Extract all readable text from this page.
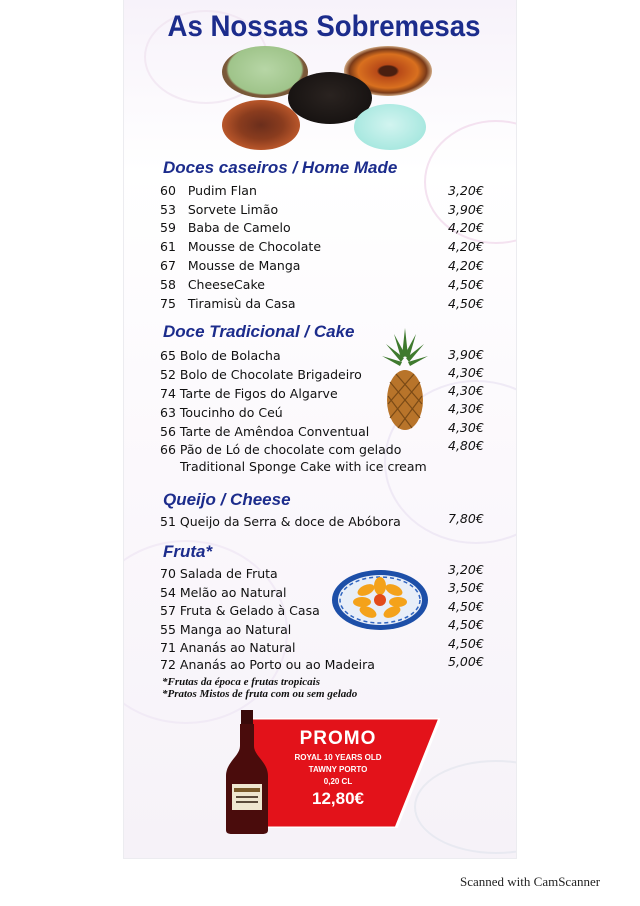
As Nossas Sobremesas
Doces caseiros / Home Made
60 Pudim Flan	3,20€
53 Sorvete Limão	3,90€
59 Baba de Camelo	4,20€
61 Mousse de Chocolate	4,20€
67 Mousse de Manga	4,20€
58 CheeseCake	4,50€
75 Tiramisù da Casa	4,50€
Doce Tradicional / Cake
65 Bolo de Bolacha	3,90€
52 Bolo de Chocolate Brigadeiro	4,30€
74 Tarte de Figos do Algarve	4,30€
63 Toucinho do Ceú	4,30€
56 Tarte de Amêndoa Conventual	4,30€
66 Pão de Ló de chocolate com gelado	4,80€
Traditional Sponge Cake with ice cream
Queijo / Cheese
51 Queijo da Serra & doce de Abóbora	7,80€
Fruta*
70 Salada de Fruta	3,20€
54 Melão ao Natural	3,50€
57 Fruta & Gelado à Casa	4,50€
55 Manga ao Natural	4,50€
71 Ananás ao Natural	4,50€
72 Ananás ao Porto ou ao Madeira	5,00€
*Frutas da época e frutas tropicais
*Pratos Mistos de fruta com ou sem gelado
PROMO
ROYAL 10 YEARS OLD
TAWNY PORTO
0,20 CL
12,80€
Scanned with CamScanner
